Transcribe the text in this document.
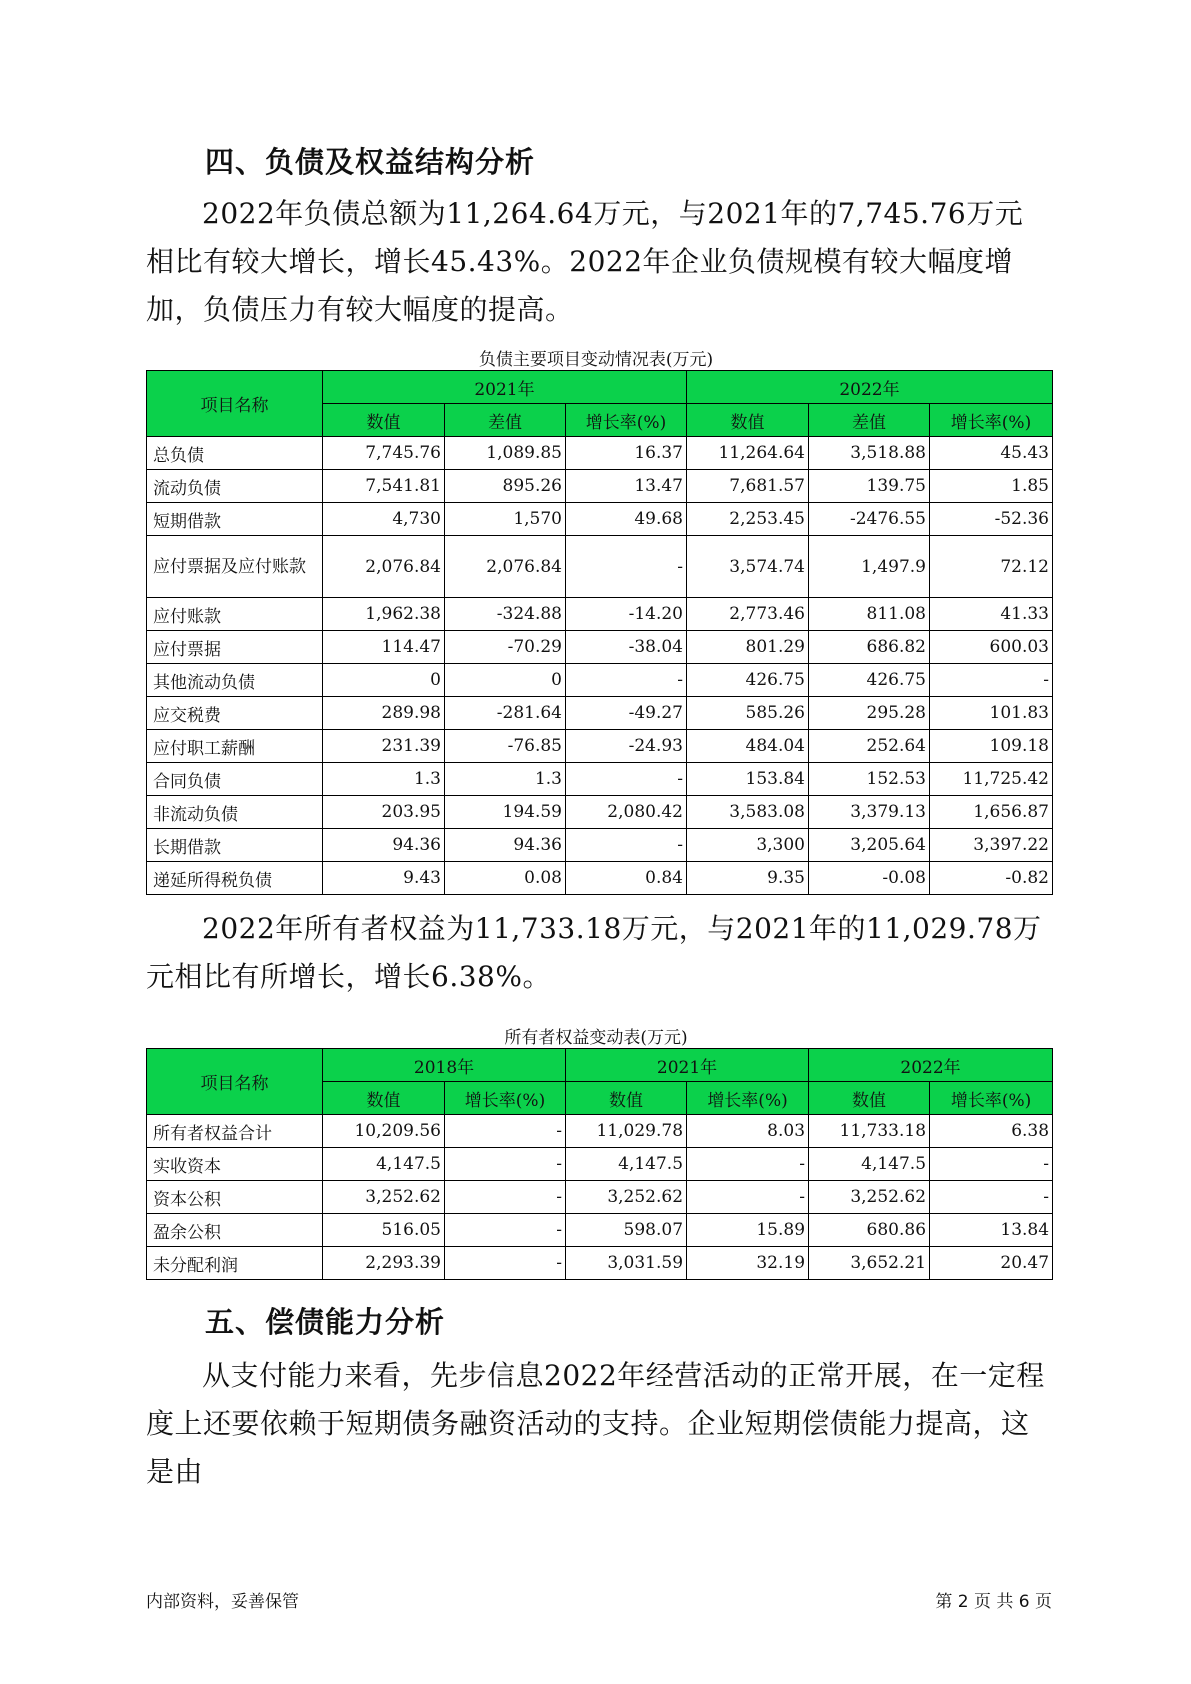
四、负债及权益结构分析

2022年负债总额为11,264.64万元，与2021年的7,745.76万元相比有较大增长，增长45.43%。2022年企业负债规模有较大幅度增加，负债压力有较大幅度的提高。

负债主要项目变动情况表(万元)
项目名称	2021年			2022年		
	数值	差值	增长率(%)	数值	差值	增长率(%)
总负债	7,745.76	1,089.85	16.37	11,264.64	3,518.88	45.43
流动负债	7,541.81	895.26	13.47	7,681.57	139.75	1.85
短期借款	4,730	1,570	49.68	2,253.45	-2476.55	-52.36
应付票据及应付账款	2,076.84	2,076.84	-	3,574.74	1,497.9	72.12
应付账款	1,962.38	-324.88	-14.20	2,773.46	811.08	41.33
应付票据	114.47	-70.29	-38.04	801.29	686.82	600.03
其他流动负债	0	0	-	426.75	426.75	-
应交税费	289.98	-281.64	-49.27	585.26	295.28	101.83
应付职工薪酬	231.39	-76.85	-24.93	484.04	252.64	109.18
合同负债	1.3	1.3	-	153.84	152.53	11,725.42
非流动负债	203.95	194.59	2,080.42	3,583.08	3,379.13	1,656.87
长期借款	94.36	94.36	-	3,300	3,205.64	3,397.22
递延所得税负债	9.43	0.08	0.84	9.35	-0.08	-0.82

2022年所有者权益为11,733.18万元，与2021年的11,029.78万元相比有所增长，增长6.38%。

所有者权益变动表(万元)
项目名称	2018年		2021年		2022年	
	数值	增长率(%)	数值	增长率(%)	数值	增长率(%)
所有者权益合计	10,209.56	-	11,029.78	8.03	11,733.18	6.38
实收资本	4,147.5	-	4,147.5	-	4,147.5	-
资本公积	3,252.62	-	3,252.62	-	3,252.62	-
盈余公积	516.05	-	598.07	15.89	680.86	13.84
未分配利润	2,293.39	-	3,031.59	32.19	3,652.21	20.47
五、偿债能力分析

从支付能力来看，先步信息2022年经营活动的正常开展，在一定程度上还要依赖于短期债务融资活动的支持。企业短期偿债能力提高，这是由

内部资料，妥善保管	第 2 页 共 6 页
